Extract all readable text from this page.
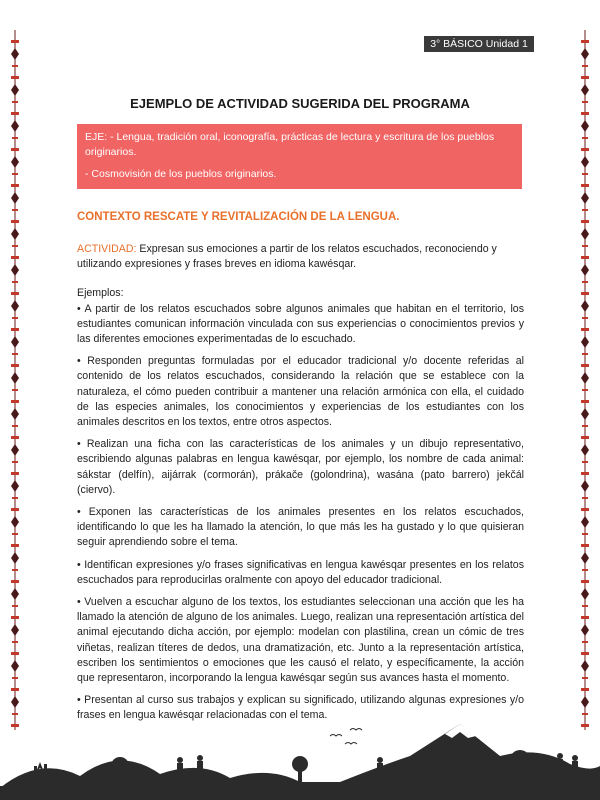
3° BÁSICO Unidad 1
EJEMPLO DE ACTIVIDAD SUGERIDA DEL PROGRAMA

EJE: - Lengua, tradición oral, iconografía, prácticas de lectura y escritura de los pueblos originarios.

- Cosmovisión de los pueblos originarios.

CONTEXTO RESCATE Y REVITALIZACIÓN DE LA LENGUA.

ACTIVIDAD: Expresan sus emociones a partir de los relatos escuchados, reconociendo y utilizando expresiones y frases breves en idioma kawésqar.

Ejemplos:

• A partir de los relatos escuchados sobre algunos animales que habitan en el territorio, los estudiantes comunican información vinculada con sus experiencias o conocimientos previos y las diferentes emociones experimentadas de lo escuchado.

• Responden preguntas formuladas por el educador tradicional y/o docente referidas al contenido de los relatos escuchados, considerando la relación que se establece con la naturaleza, el cómo pueden contribuir a mantener una relación armónica con ella, el cuidado de las especies animales, los conocimientos y experiencias de los estudiantes con los animales descritos en los textos, entre otros aspectos.

• Realizan una ficha con las características de los animales y un dibujo representativo, escribiendo algunas palabras en lengua kawésqar, por ejemplo, los nombre de cada animal: sákstar (delfín), aijárrak (cormorán), prákače (golondrina), wasána (pato barrero) jekčál (ciervo).

• Exponen las características de los animales presentes en los relatos escuchados, identificando lo que les ha llamado la atención, lo que más les ha gustado y lo que quisieran seguir aprendiendo sobre el tema.

• Identifican expresiones y/o frases significativas en lengua kawésqar presentes en los relatos escuchados para reproducirlas oralmente con apoyo del educador tradicional.

• Vuelven a escuchar alguno de los textos, los estudiantes seleccionan una acción que les ha llamado la atención de alguno de los animales. Luego, realizan una representación artística del animal ejecutando dicha acción, por ejemplo: modelan con plastilina, crean un cómic de tres viñetas, realizan títeres de dedos, una dramatización, etc. Junto a la representación artística, escriben los sentimientos o emociones que les causó el relato, y específicamente, la acción que representaron, incorporando la lengua kawésqar según sus avances hasta el momento.

• Presentan al curso sus trabajos y explican su significado, utilizando algunas expresiones y/o frases en lengua kawésqar relacionadas con el tema.
